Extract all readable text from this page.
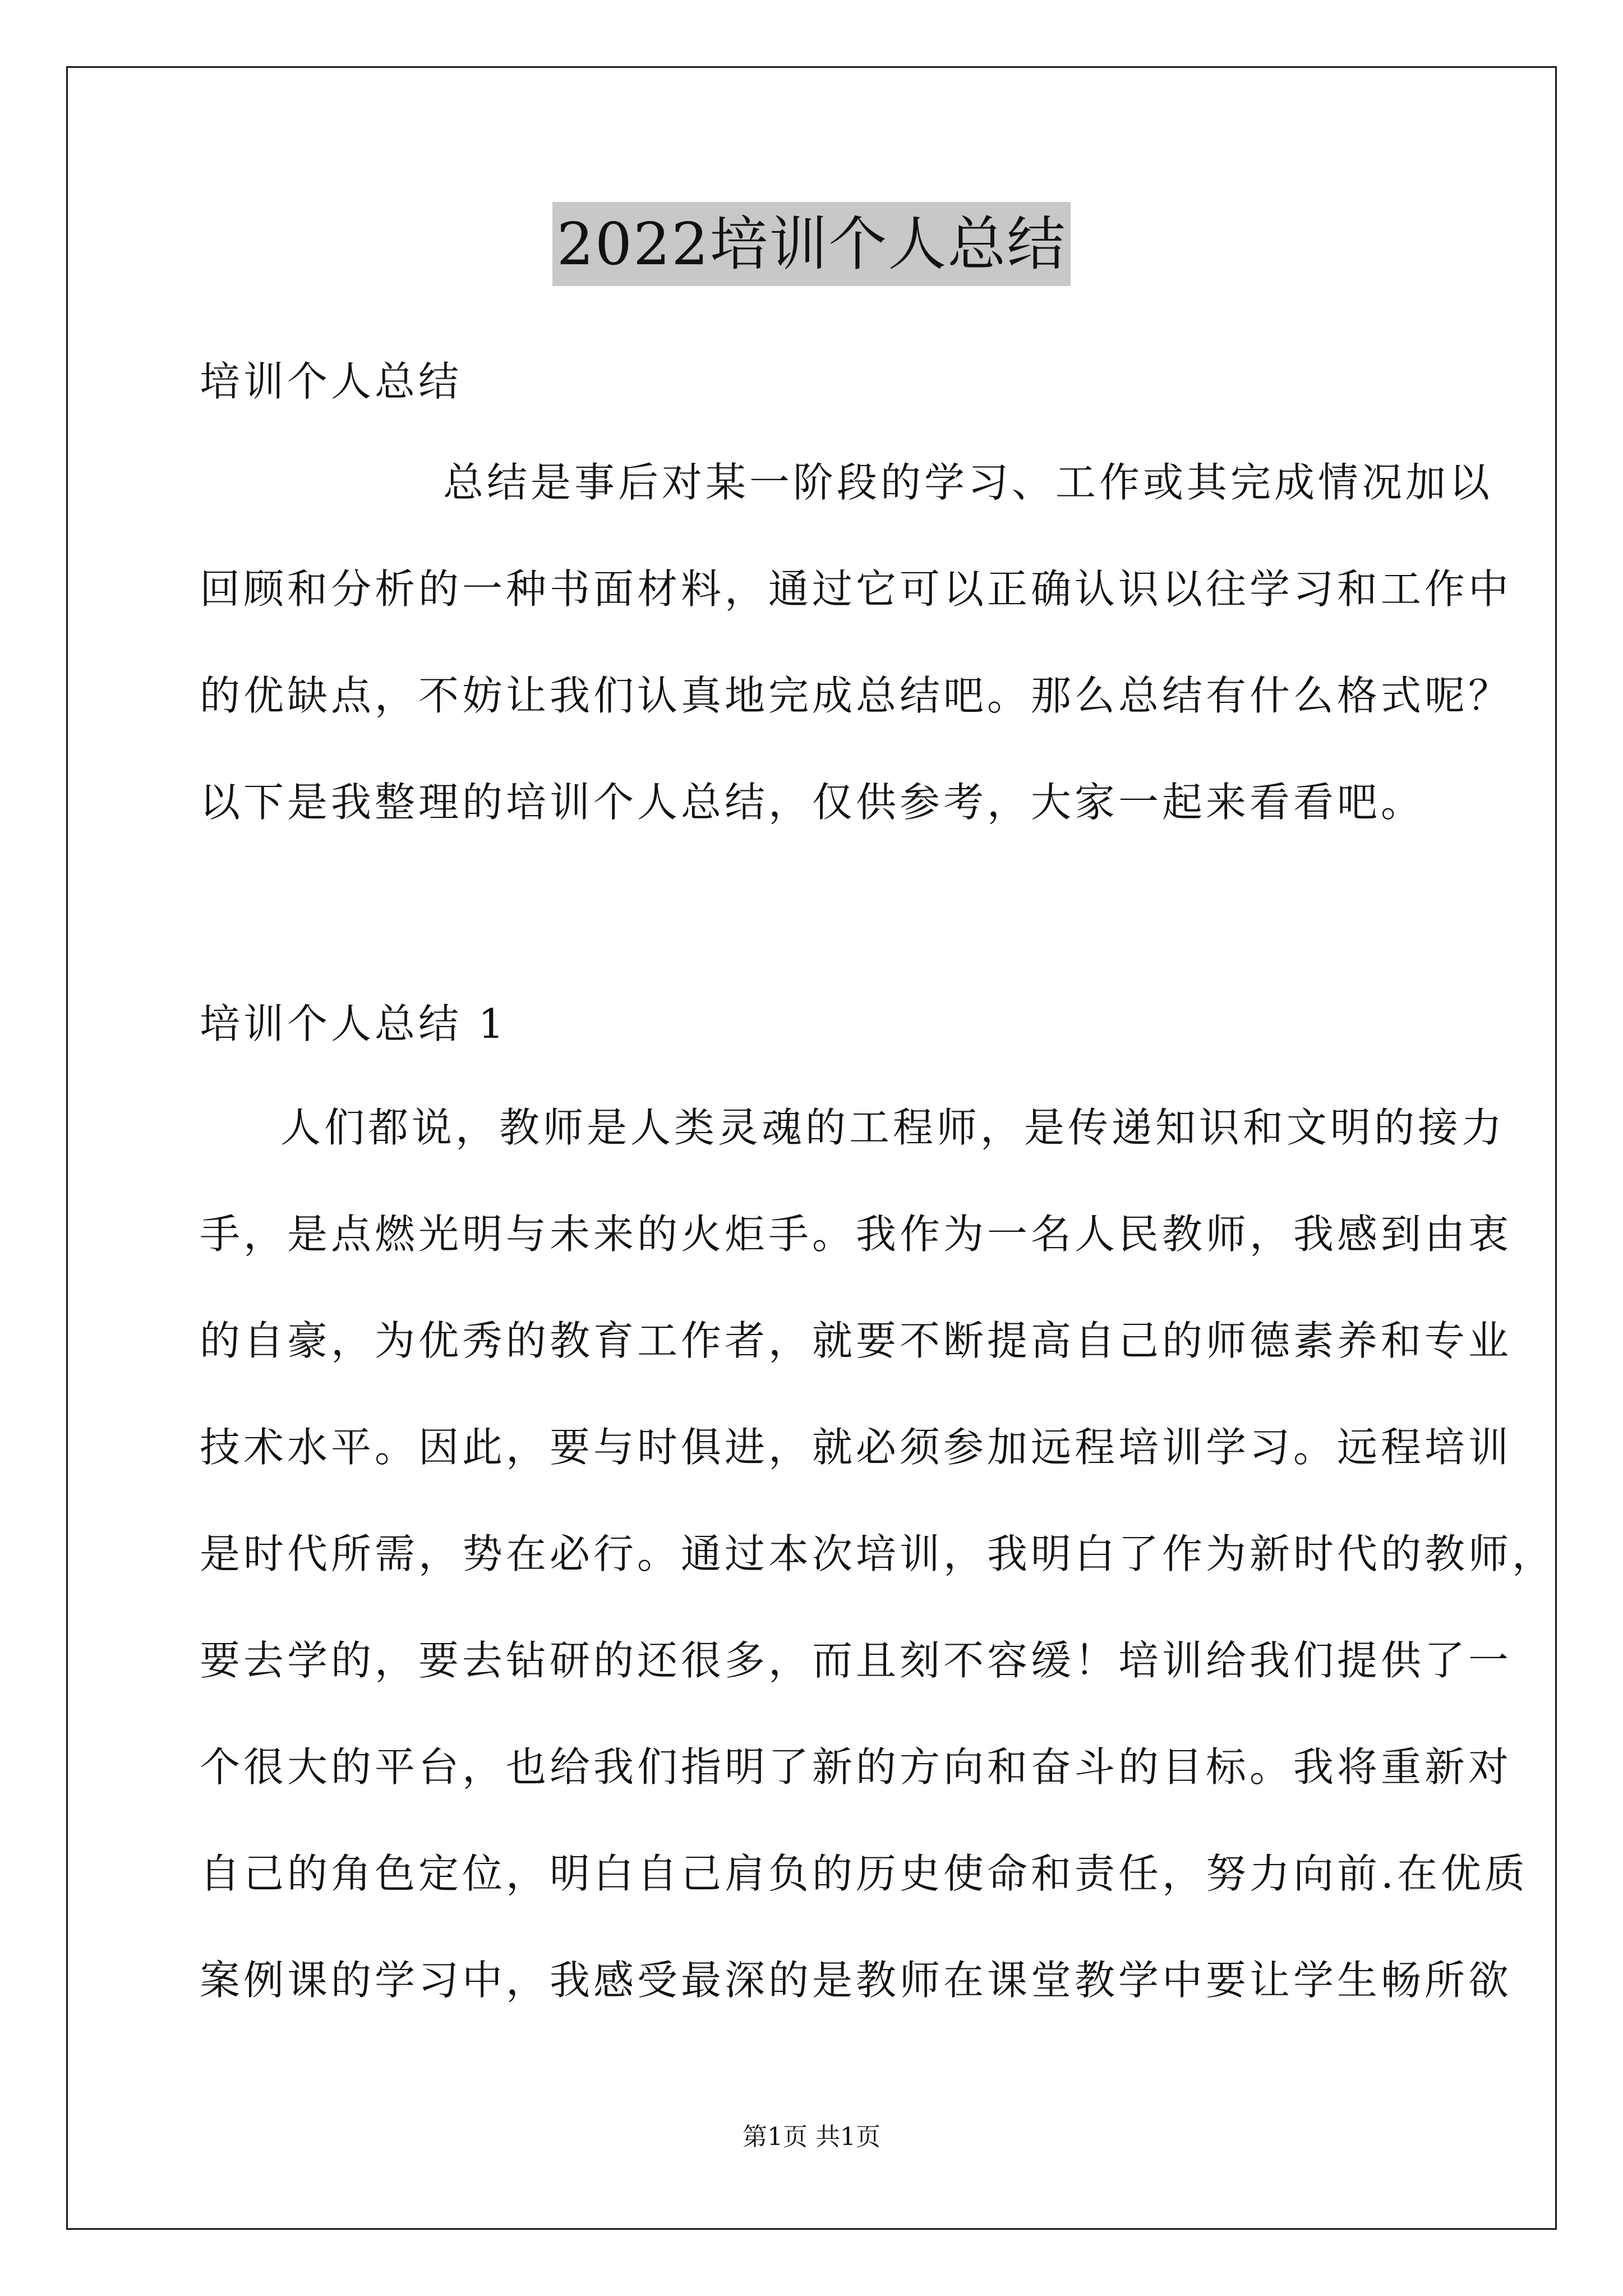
2022培训个人总结
培训个人总结
总结是事后对某一阶段的学习、工作或其完成情况加以
回顾和分析的一种书面材料，通过它可以正确认识以往学习和工作中
的优缺点，不妨让我们认真地完成总结吧。那么总结有什么格式呢？
以下是我整理的培训个人总结，仅供参考，大家一起来看看吧。
培训个人总结 1
人们都说，教师是人类灵魂的工程师，是传递知识和文明的接力
手，是点燃光明与未来的火炬手。我作为一名人民教师，我感到由衷
的自豪，为优秀的教育工作者，就要不断提高自己的师德素养和专业
技术水平。因此，要与时俱进，就必须参加远程培训学习。远程培训
是时代所需，势在必行。通过本次培训，我明白了作为新时代的教师，
要去学的，要去钻研的还很多，而且刻不容缓！培训给我们提供了一
个很大的平台，也给我们指明了新的方向和奋斗的目标。我将重新对
自己的角色定位，明白自己肩负的历史使命和责任，努力向前.在优质
案例课的学习中，我感受最深的是教师在课堂教学中要让学生畅所欲
第1页 共1页
